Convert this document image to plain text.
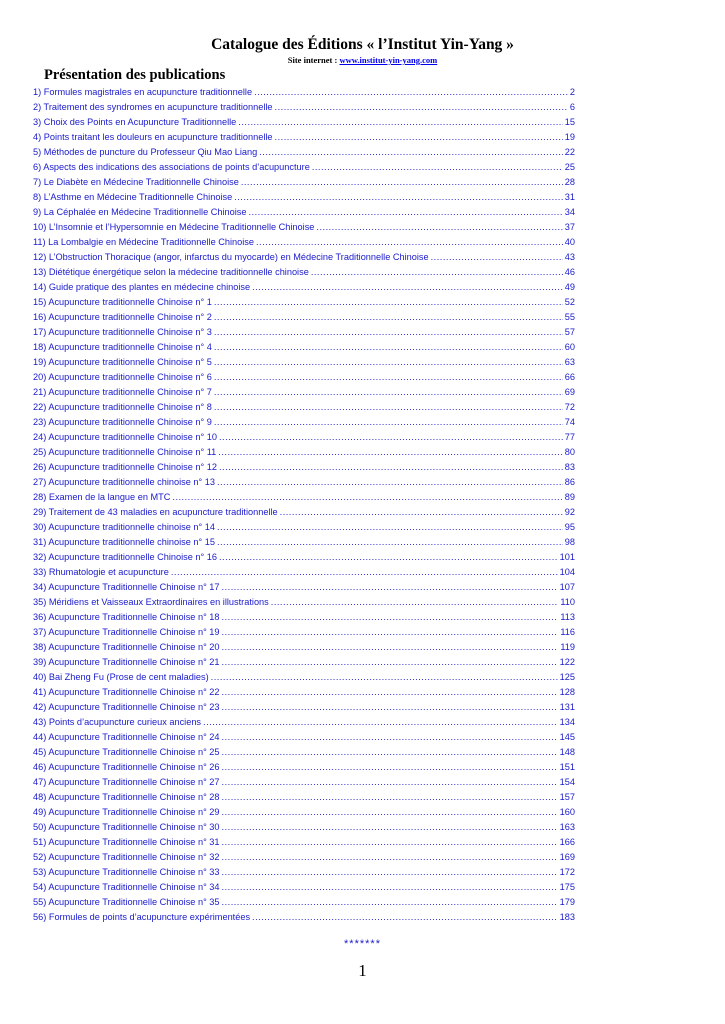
Catalogue des Éditions « l’Institut Yin-Yang »
Site internet : www.institut-yin-yang.com
Présentation des publications
1) Formules magistrales en acupuncture traditionnelle .....	2
2) Traitement des syndromes en acupuncture traditionnelle .....	6
3) Choix des Points en Acupuncture Traditionnelle .....	15
4) Points traitant les douleurs en acupuncture traditionnelle .....	19
5) Méthodes de puncture du Professeur Qiu Mao Liang .....	22
6) Aspects des indications des associations de points d’acupuncture .....	25
7) Le Diabète en Médecine Traditionnelle Chinoise .....	28
8) L’Asthme en Médecine Traditionnelle Chinoise .....	31
9) La Céphalée en Médecine Traditionnelle Chinoise .....	34
10) L’Insomnie et l’Hypersomnie en Médecine Traditionnelle Chinoise .....	37
11) La Lombalgie en Médecine Traditionnelle Chinoise .....	40
12) L’Obstruction Thoracique (angor, infarctus du myocarde) en Médecine Traditionnelle Chinoise .....	43
13) Diététique énergétique selon la médecine traditionnelle chinoise .....	46
14) Guide pratique des plantes en médecine chinoise .....	49
15) Acupuncture traditionnelle Chinoise n° 1 .....	52
16) Acupuncture traditionnelle Chinoise n° 2 .....	55
17) Acupuncture traditionnelle Chinoise n° 3 .....	57
18) Acupuncture traditionnelle Chinoise n° 4 .....	60
19) Acupuncture traditionnelle Chinoise n° 5 .....	63
20) Acupuncture traditionnelle Chinoise n° 6 .....	66
21) Acupuncture traditionnelle Chinoise n° 7 .....	69
22) Acupuncture traditionnelle Chinoise n° 8 .....	72
23) Acupuncture traditionnelle Chinoise n° 9 .....	74
24) Acupuncture traditionnelle Chinoise n° 10 .....	77
25) Acupuncture traditionnelle Chinoise n° 11 .....	80
26) Acupuncture traditionnelle Chinoise n° 12 .....	83
27) Acupuncture traditionnelle chinoise n° 13 .....	86
28) Examen de la langue en MTC .....	89
29) Traitement de 43 maladies en acupuncture traditionnelle .....	92
30) Acupuncture traditionnelle chinoise n° 14 .....	95
31) Acupuncture traditionnelle chinoise n° 15 .....	98
32) Acupuncture traditionnelle Chinoise n° 16 .....	101
33) Rhumatologie et acupuncture .....	104
34) Acupuncture Traditionnelle Chinoise n° 17 .....	107
35) Méridiens et Vaisseaux Extraordinaires en illustrations .....	110
36) Acupuncture Traditionnelle Chinoise n° 18 .....	113
37) Acupuncture Traditionnelle Chinoise n° 19 .....	116
38) Acupuncture Traditionnelle Chinoise n° 20 .....	119
39) Acupuncture Traditionnelle Chinoise n° 21 .....	122
40) Bai Zheng Fu (Prose de cent maladies) .....	125
41) Acupuncture Traditionnelle Chinoise n° 22 .....	128
42) Acupuncture Traditionnelle Chinoise n° 23 .....	131
43) Points d’acupuncture curieux anciens .....	134
44) Acupuncture Traditionnelle Chinoise n° 24 .....	145
45) Acupuncture Traditionnelle Chinoise n° 25 .....	148
46) Acupuncture Traditionnelle Chinoise n° 26 .....	151
47) Acupuncture Traditionnelle Chinoise n° 27 .....	154
48) Acupuncture Traditionnelle Chinoise n° 28 .....	157
49) Acupuncture Traditionnelle Chinoise n° 29 .....	160
50) Acupuncture Traditionnelle Chinoise n° 30 .....	163
51) Acupuncture Traditionnelle Chinoise n° 31 .....	166
52) Acupuncture Traditionnelle Chinoise n° 32 .....	169
53) Acupuncture Traditionnelle Chinoise n° 33 .....	172
54) Acupuncture Traditionnelle Chinoise n° 34 .....	175
55) Acupuncture Traditionnelle Chinoise n° 35 .....	179
56) Formules de points d’acupuncture expérimentées .....	183
*******
1
